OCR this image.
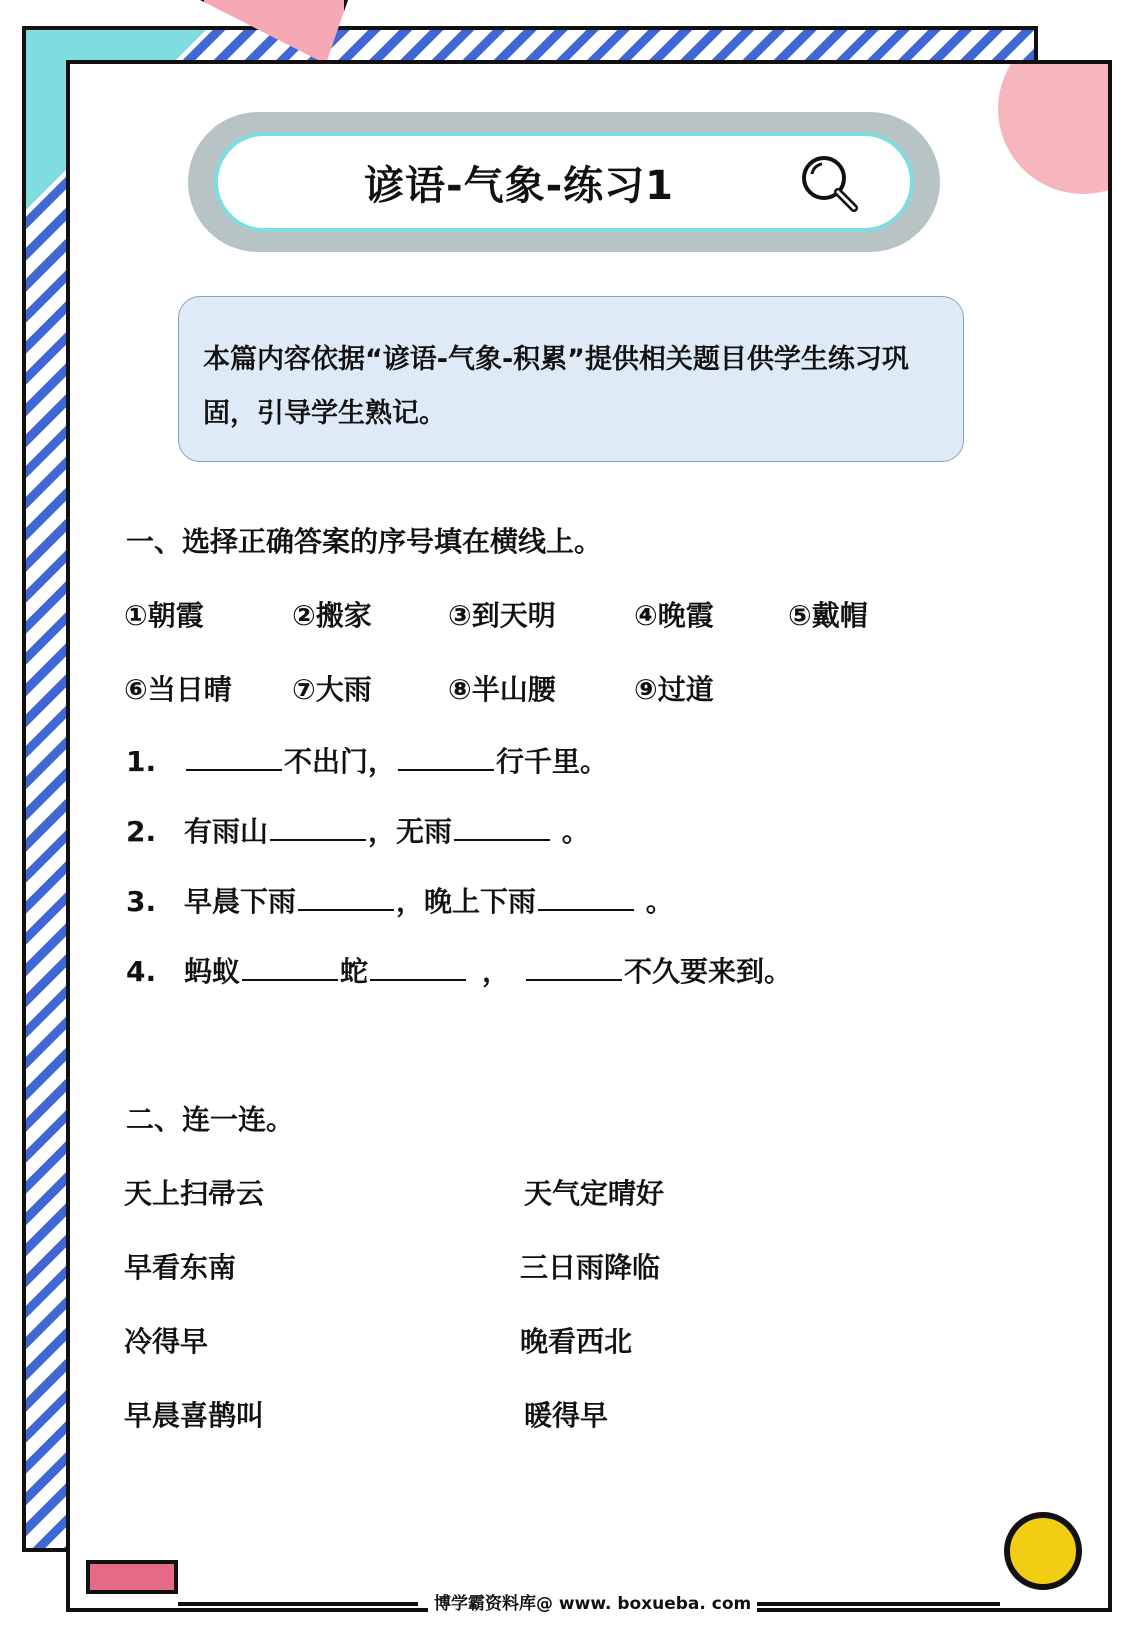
谚语-气象-练习1
本篇内容依据“谚语-气象-积累”提供相关题目供学生练习巩固，引导学生熟记。
一、选择正确答案的序号填在横线上。
①朝霞	②搬家	③到天明	④晚霞	⑤戴帽
⑥当日晴 ⑦大雨	⑧半山腰	⑨过道
1.	不出门，	行千里。
2. 有雨山	，无雨	。
3. 早晨下雨	，晚上下雨	。
4. 蚂蚁	蛇	，	不久要来到。
二、连一连。
天上扫帚云
早看东南
冷得早
早晨喜鹊叫
天气定晴好
三日雨降临
晚看西北
暖得早
博学霸资料库@ www. boxueba. com
